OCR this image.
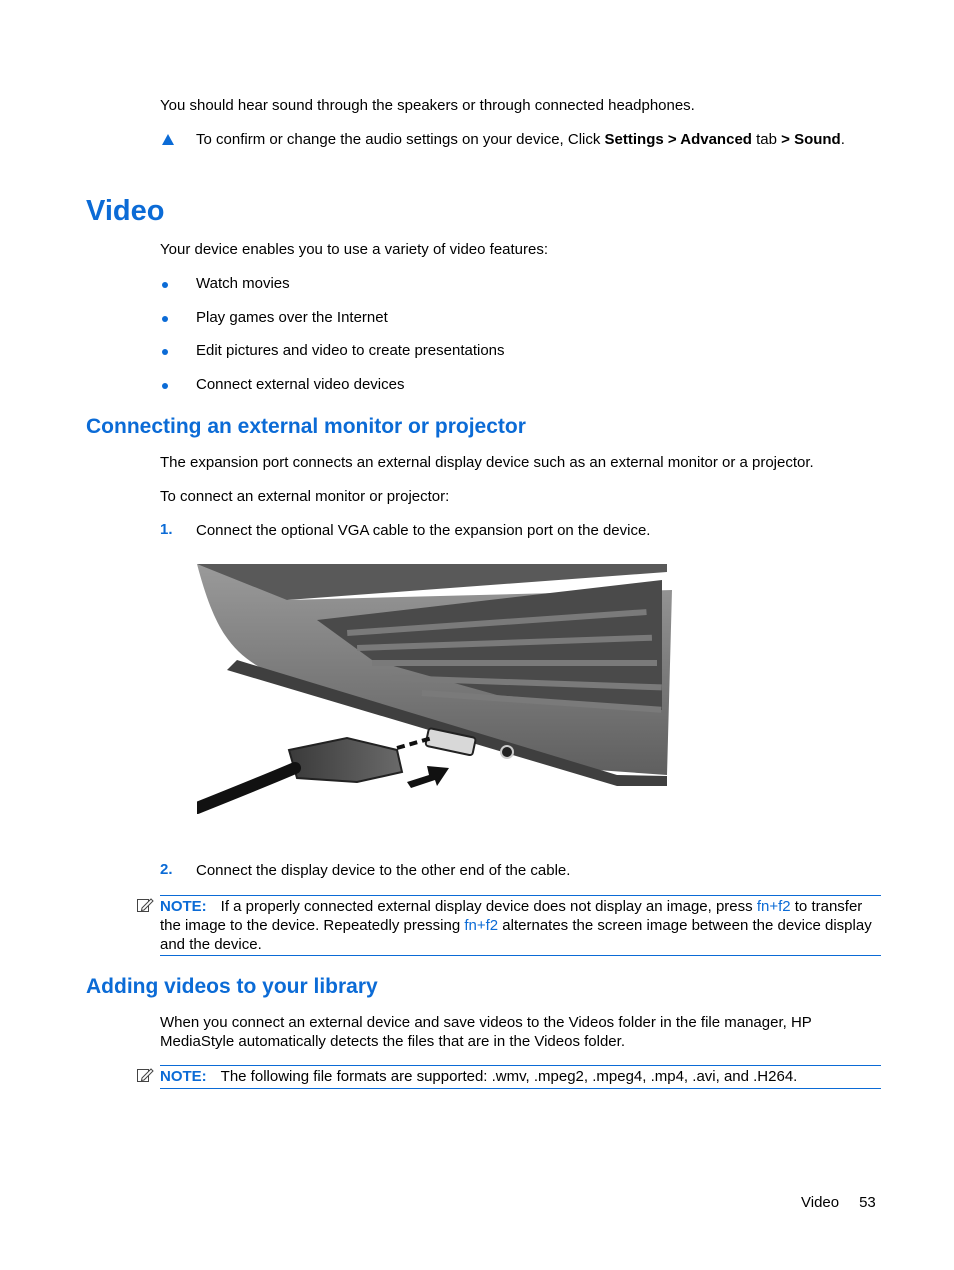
You should hear sound through the speakers or through connected headphones.

To confirm or change the audio settings on your device, Click Settings > Advanced tab > Sound.

Video

Your device enables you to use a variety of video features:

Watch movies

Play games over the Internet

Edit pictures and video to create presentations

Connect external video devices

Connecting an external monitor or projector

The expansion port connects an external display device such as an external monitor or a projector.

To connect an external monitor or projector:

1. Connect the optional VGA cable to the expansion port on the device.

2. Connect the display device to the other end of the cable.

NOTE: If a properly connected external display device does not display an image, press fn+f2 to transfer the image to the device. Repeatedly pressing fn+f2 alternates the screen image between the device display and the device.

Adding videos to your library

When you connect an external device and save videos to the Videos folder in the file manager, HP MediaStyle automatically detects the files that are in the Videos folder.

NOTE: The following file formats are supported: .wmv, .mpeg2, .mpeg4, .mp4, .avi, and .H264.

Video 53
